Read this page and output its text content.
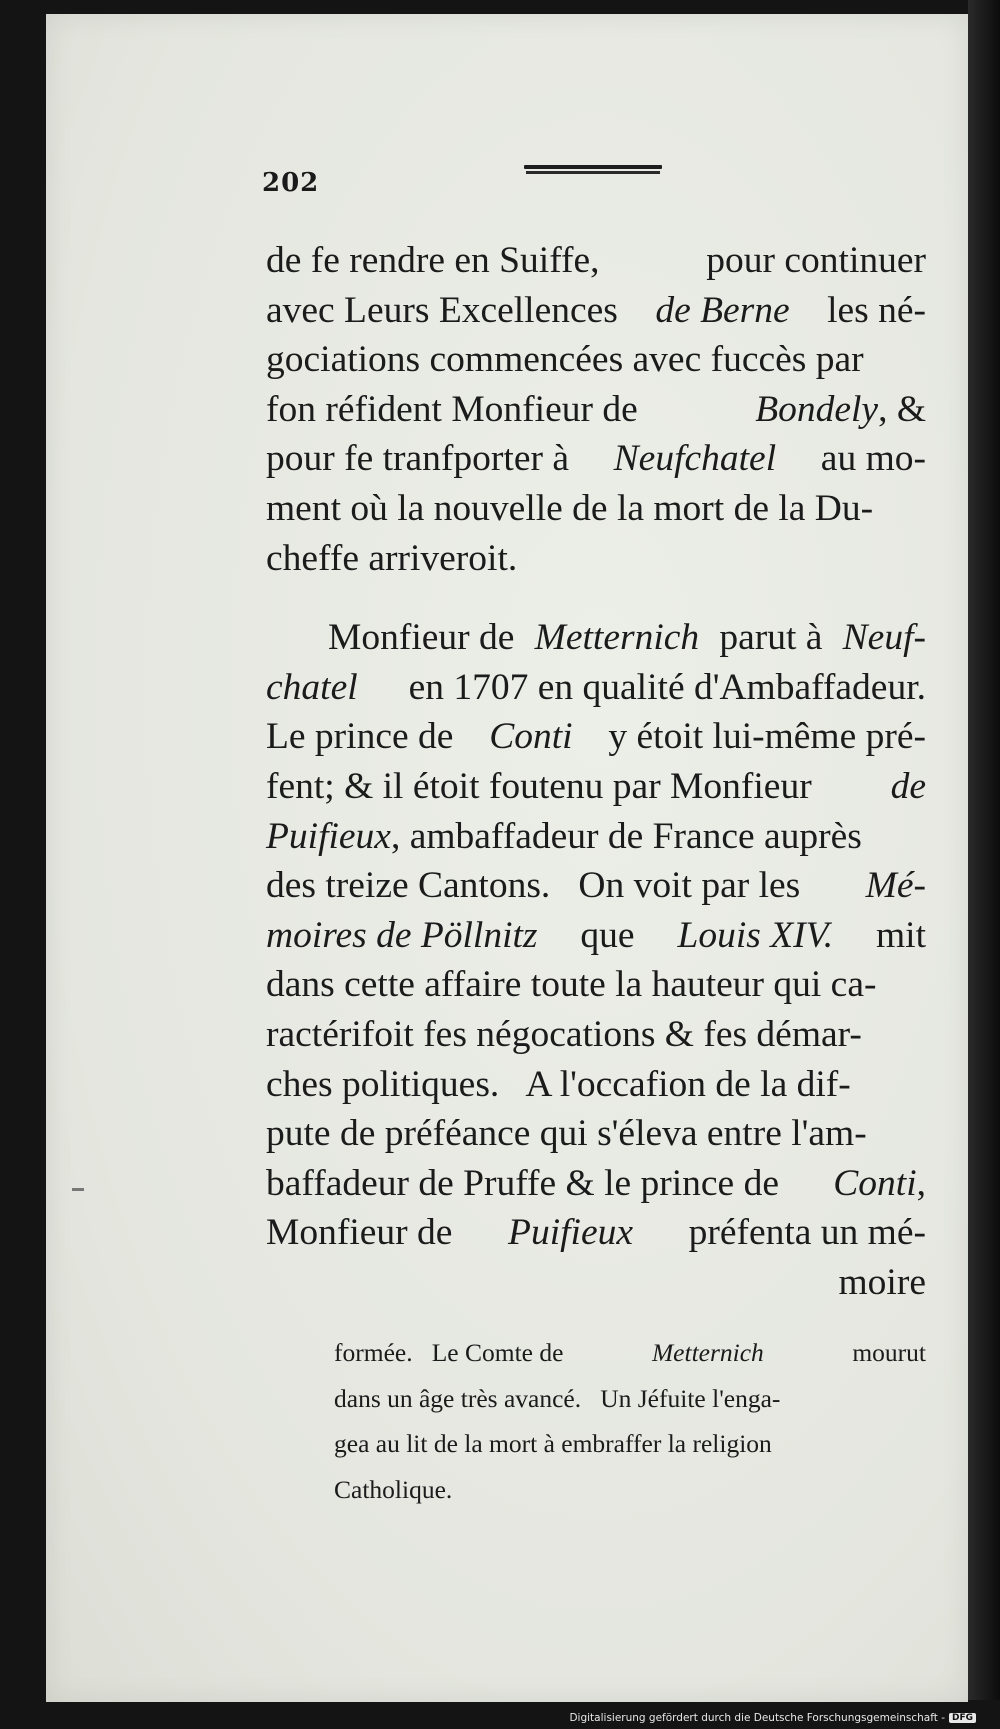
202
de fe rendre en Suiffe,	pour continuer
avec Leurs Excellences de Berne les né-
gociations commencées avec fuccès par
fon réfident Monfieur de	Bondely, &
pour fe tranfporter à Neufchatel au mo-
ment où la nouvelle de la mort de la Du-
cheffe arriveroit.
Monfieur de Metternich parut à Neuf-
chatel en 1707 en qualité d'Ambaffadeur.
Le prince de Conti y étoit lui-même pré-
fent; & il étoit foutenu par Monfieur de
Puifieux, ambaffadeur de France auprès
des treize Cantons.   On voit par les Mé-
moires de Pöllnitz que Louis XIV. mit
dans cette affaire toute la hauteur qui ca-
ractérifoit fes négocations & fes démar-
ches politiques.   A l'occafion de la dif-
pute de préféance qui s'éleva entre l'am-
baffadeur de Pruffe & le prince de Conti,
Monfieur de Puifieux préfenta un mé-
moire
formée.   Le Comte de	Metternich	mourut
dans un âge très avancé.   Un Jéfuite l'enga-
gea au lit de la mort à embraffer la religion
Catholique.
Digitalisierung gefördert durch die Deutsche Forschungsgemeinschaft - DFG
